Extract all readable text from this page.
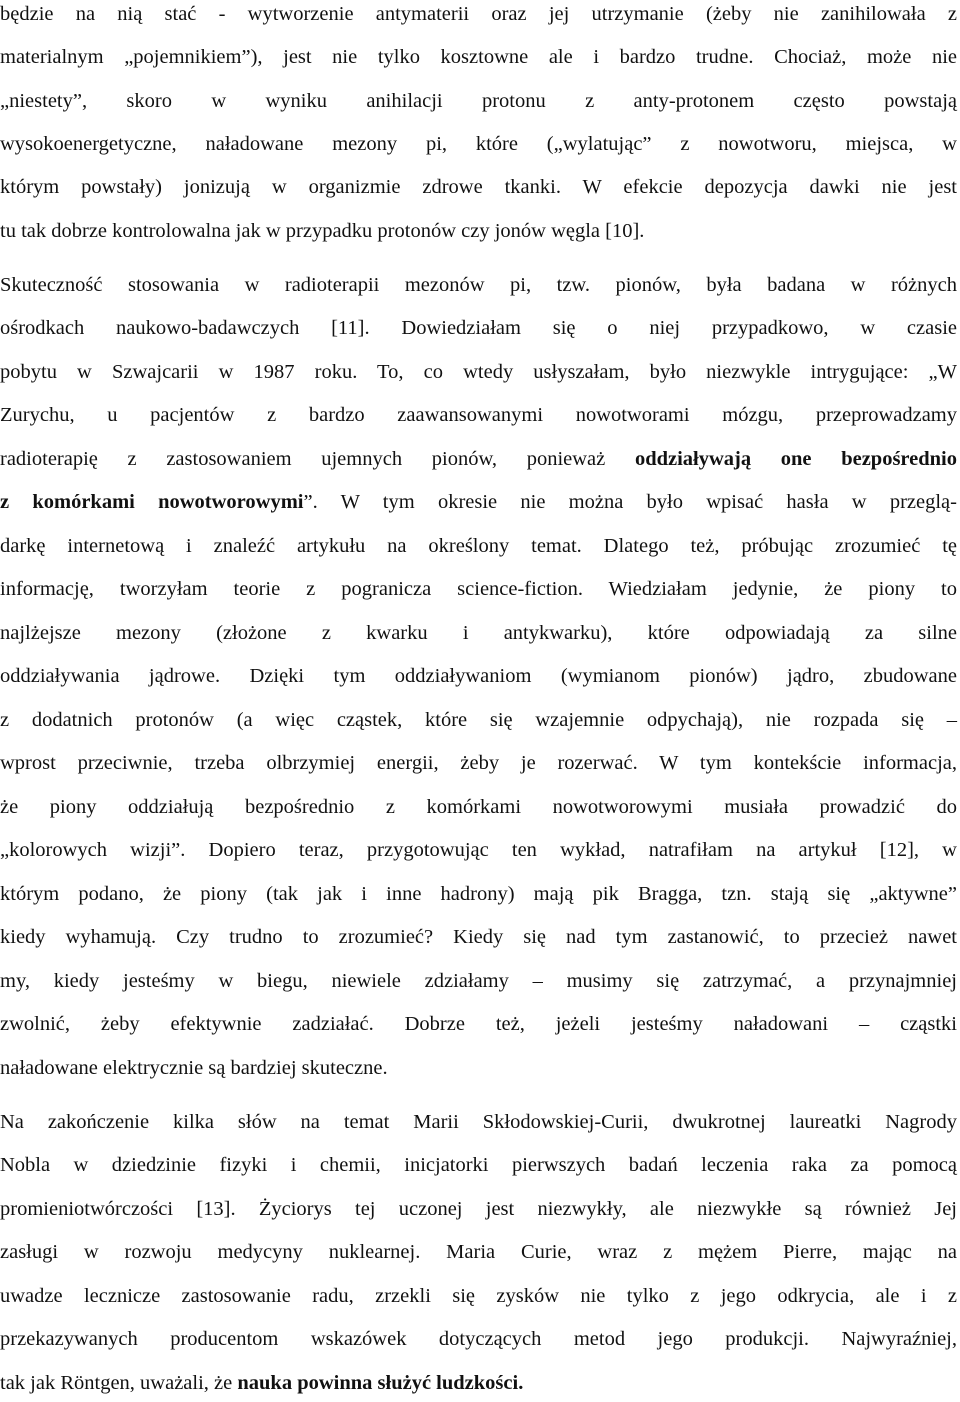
będzie na nią stać - wytworzenie antymaterii oraz jej utrzymanie (żeby nie zanihilowała z
materialnym „pojemnikiem”), jest nie tylko kosztowne ale i bardzo trudne. Chociaż, może nie
„niestety”, skoro w wyniku anihilacji protonu z anty-protonem często powstają
wysokoenergetyczne, naładowane mezony pi, które („wylatując” z nowotworu, miejsca, w
którym powstały) jonizują w organizmie zdrowe tkanki. W efekcie depozycja dawki nie jest
tu tak dobrze kontrolowalna jak w przypadku protonów czy jonów węgla [10].
Skuteczność stosowania w radioterapii mezonów pi, tzw. pionów, była badana w różnych
ośrodkach naukowo-badawczych [11]. Dowiedziałam się o niej przypadkowo, w czasie
pobytu w Szwajcarii w 1987 roku. To, co wtedy usłyszałam, było niezwykle intrygujące: „W
Zurychu, u pacjentów z bardzo zaawansowanymi nowotworami mózgu, przeprowadzamy
radioterapię z zastosowaniem ujemnych pionów, ponieważ oddziaływają one bezpośrednio
z komórkami nowotworowymi”. W tym okresie nie można było wpisać hasła w przeglą-
darkę internetową i znaleźć artykułu na określony temat. Dlatego też, próbując zrozumieć tę
informację, tworzyłam teorie z pogranicza science-fiction. Wiedziałam jedynie, że piony to
najlżejsze mezony (złożone z kwarku i antykwarku), które odpowiadają za silne
oddziaływania jądrowe. Dzięki tym oddziaływaniom (wymianom pionów) jądro, zbudowane
z dodatnich protonów (a więc cząstek, które się wzajemnie odpychają), nie rozpada się –
wprost przeciwnie, trzeba olbrzymiej energii, żeby je rozerwać. W tym kontekście informacja,
że piony oddziałują bezpośrednio z komórkami nowotworowymi musiała prowadzić do
„kolorowych wizji”. Dopiero teraz, przygotowując ten wykład, natrafiłam na artykuł [12], w
którym podano, że piony (tak jak i inne hadrony) mają pik Bragga, tzn. stają się „aktywne”
kiedy wyhamują. Czy trudno to zrozumieć? Kiedy się nad tym zastanowić, to przecież nawet
my, kiedy jesteśmy w biegu, niewiele zdziałamy – musimy się zatrzymać, a przynajmniej
zwolnić, żeby efektywnie zadziałać. Dobrze też, jeżeli jesteśmy naładowani – cząstki
naładowane elektrycznie są bardziej skuteczne.
Na zakończenie kilka słów na temat Marii Skłodowskiej-Curii, dwukrotnej laureatki Nagrody
Nobla w dziedzinie fizyki i chemii, inicjatorki pierwszych badań leczenia raka za pomocą
promieniotwórczości [13]. Życiorys tej uczonej jest niezwykły, ale niezwykłe są również Jej
zasługi w rozwoju medycyny nuklearnej. Maria Curie, wraz z mężem Pierre, mając na
uwadze lecznicze zastosowanie radu, zrzekli się zysków nie tylko z jego odkrycia, ale i z
przekazywanych producentom wskazówek dotyczących metod jego produkcji. Najwyraźniej,
tak jak Röntgen, uważali, że nauka powinna służyć ludzkości.
